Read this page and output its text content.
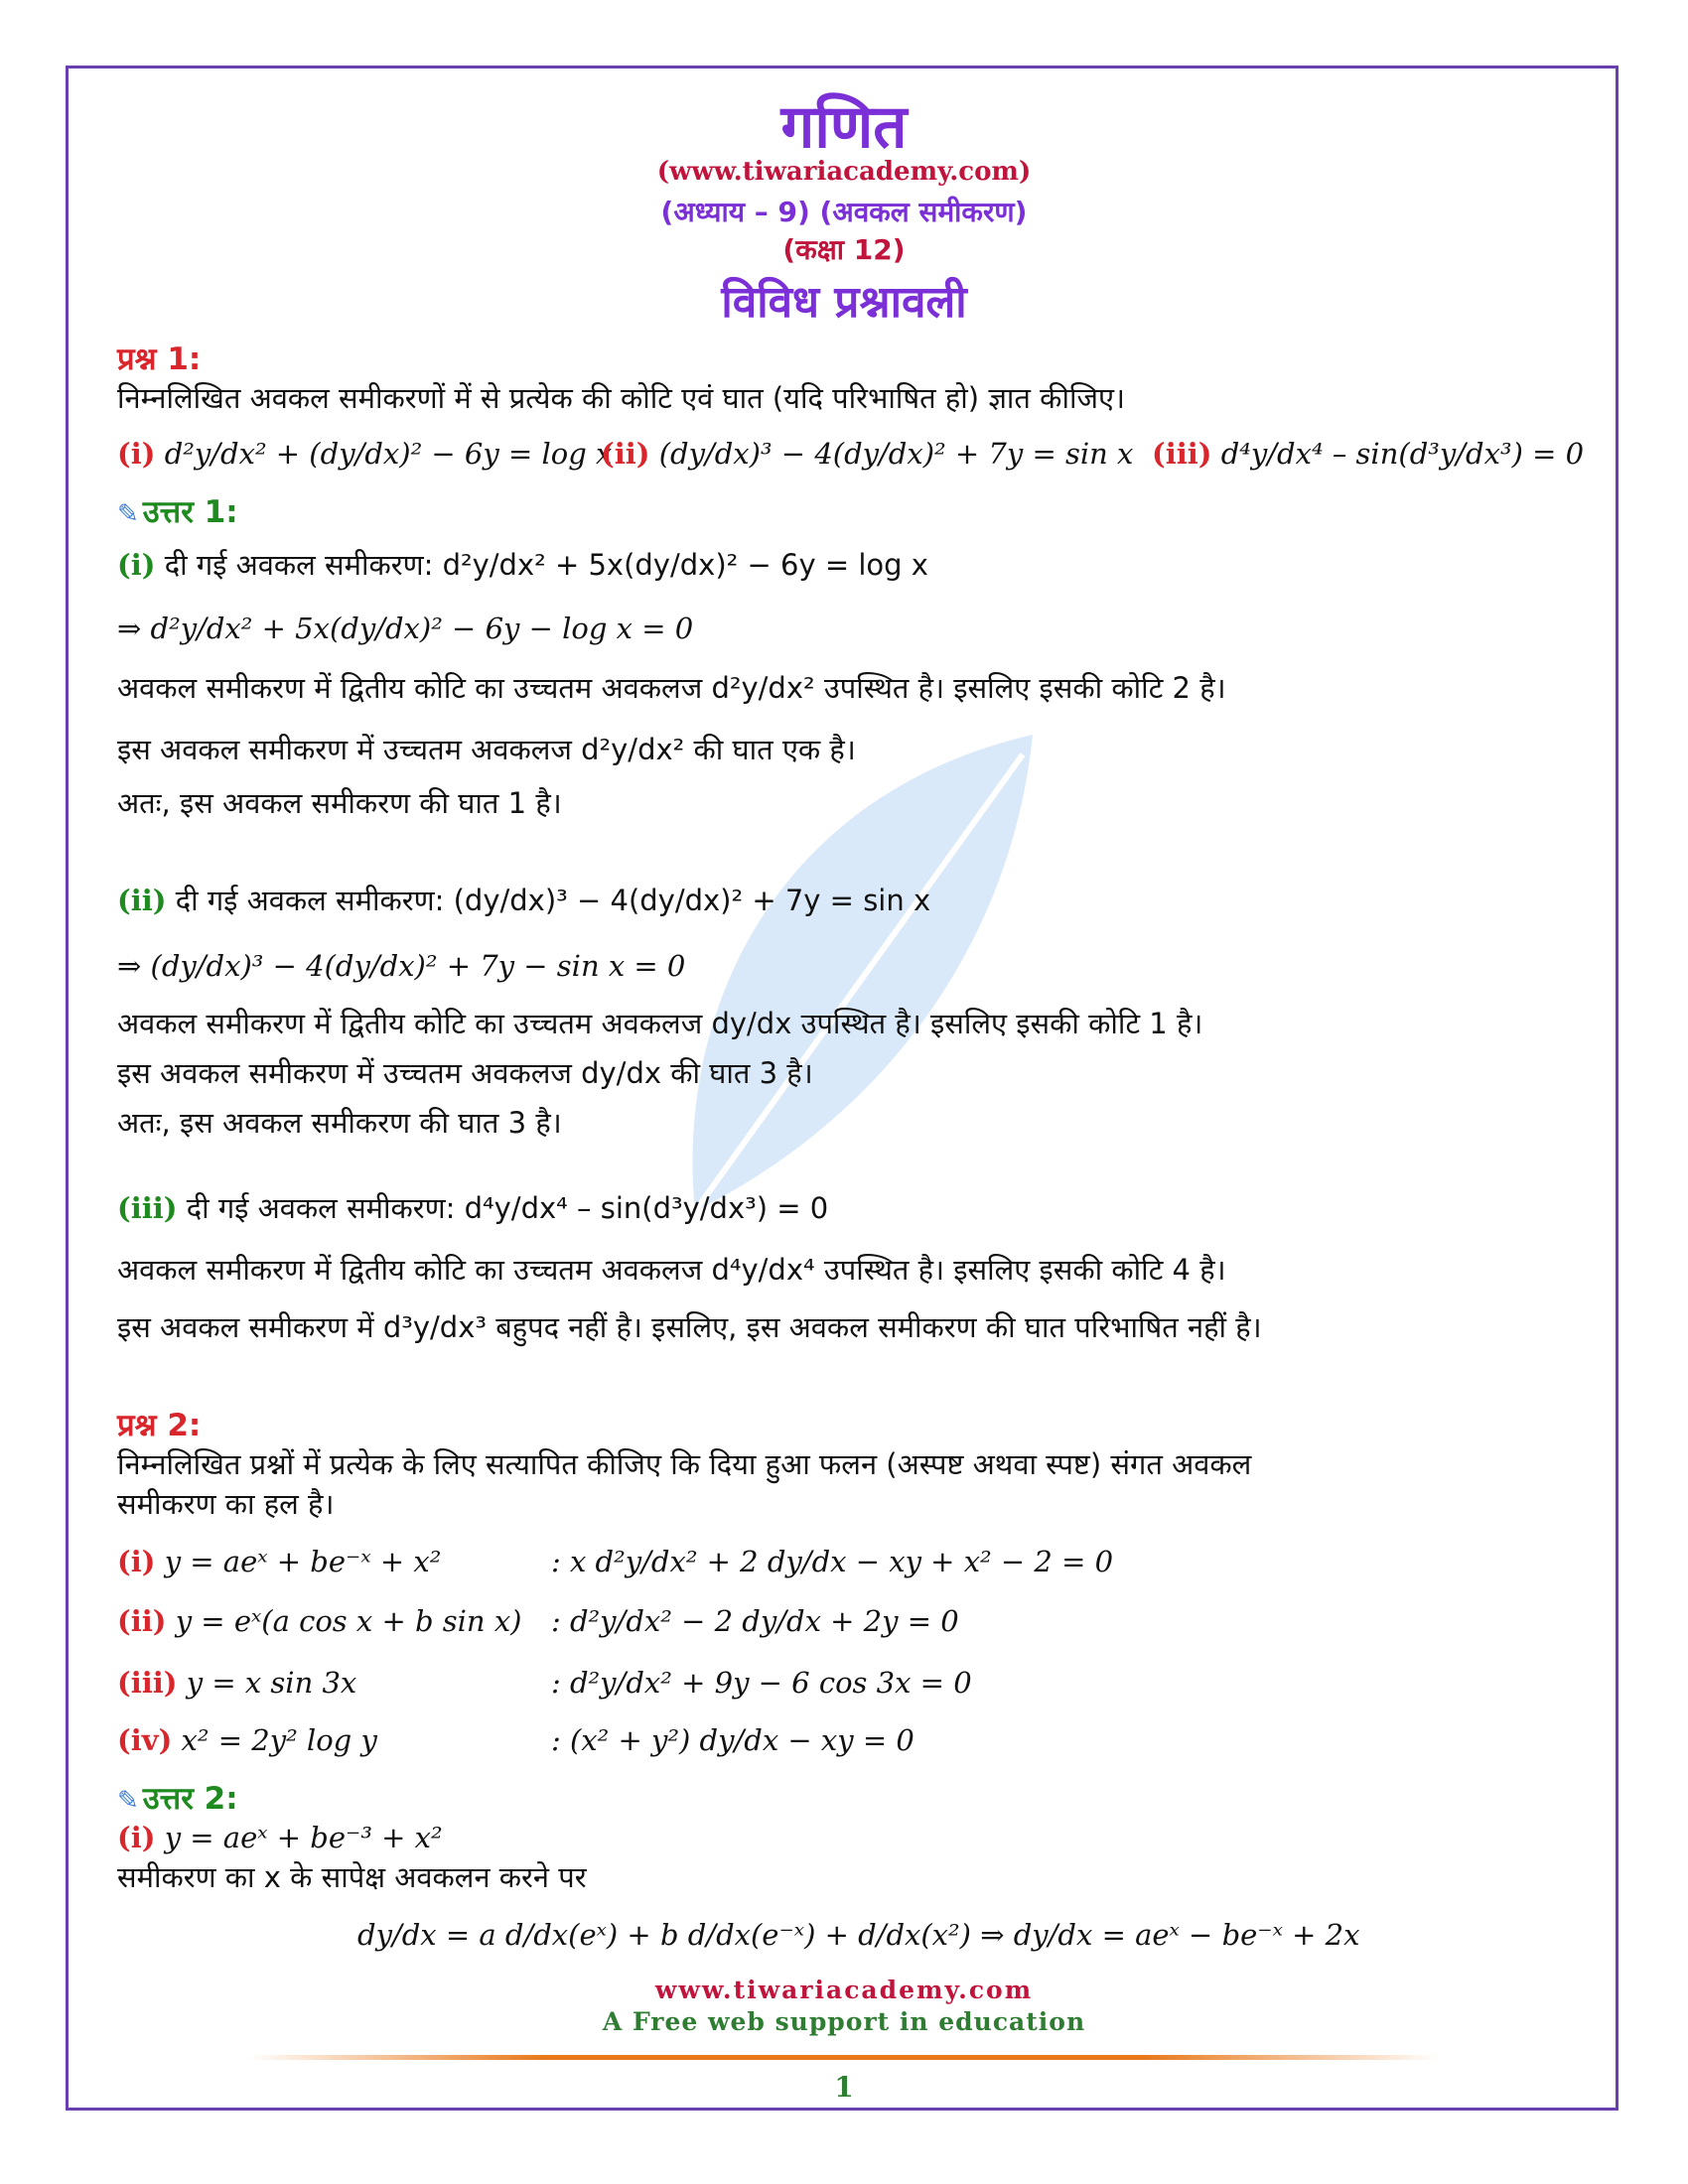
गणित
(www.tiwariacademy.com)
(अध्याय – 9) (अवकल समीकरण)
(कक्षा 12)
विविध प्रश्नावली
प्रश्न 1:
निम्नलिखित अवकल समीकरणों में से प्रत्येक की कोटि एवं घात (यदि परिभाषित हो) ज्ञात कीजिए।
(i) d²y/dx² + (dy/dx)² − 6y = log x
(ii) (dy/dx)³ − 4(dy/dx)² + 7y = sin x (iii) d⁴y/dx⁴ – sin(d³y/dx³) = 0
✎ उत्तर 1:
(i) दी गई अवकल समीकरण: d²y/dx² + 5x(dy/dx)² − 6y = log x
⇒ d²y/dx² + 5x(dy/dx)² − 6y − log x = 0
अवकल समीकरण में द्वितीय कोटि का उच्चतम अवकलज d²y/dx² उपस्थित है। इसलिए इसकी कोटि 2 है।
इस अवकल समीकरण में उच्चतम अवकलज d²y/dx² की घात एक है।
अतः, इस अवकल समीकरण की घात 1 है।
(ii) दी गई अवकल समीकरण: (dy/dx)³ − 4(dy/dx)² + 7y = sin x
⇒ (dy/dx)³ − 4(dy/dx)² + 7y − sin x = 0
अवकल समीकरण में द्वितीय कोटि का उच्चतम अवकलज dy/dx उपस्थित है। इसलिए इसकी कोटि 1 है।
इस अवकल समीकरण में उच्चतम अवकलज dy/dx की घात 3 है।
अतः, इस अवकल समीकरण की घात 3 है।
(iii) दी गई अवकल समीकरण: d⁴y/dx⁴ – sin(d³y/dx³) = 0
अवकल समीकरण में द्वितीय कोटि का उच्चतम अवकलज d⁴y/dx⁴ उपस्थित है। इसलिए इसकी कोटि 4 है।
इस अवकल समीकरण में d³y/dx³ बहुपद नहीं है। इसलिए, इस अवकल समीकरण की घात परिभाषित नहीं है।
प्रश्न 2:
निम्नलिखित प्रश्नों में प्रत्येक के लिए सत्यापित कीजिए कि दिया हुआ फलन (अस्पष्ट अथवा स्पष्ट) संगत अवकल
समीकरण का हल है।
(i) y = aeˣ + be⁻ˣ + x²	: x d²y/dx² + 2 dy/dx − xy + x² − 2 = 0
(ii) y = eˣ(a cos x + b sin x) : d²y/dx² − 2 dy/dx + 2y = 0
(iii) y = x sin 3x	: d²y/dx² + 9y − 6 cos 3x = 0
(iv) x² = 2y² log y	: (x² + y²) dy/dx − xy = 0
✎ उत्तर 2:
(i) y = aeˣ + be⁻³ + x²
समीकरण का x के सापेक्ष अवकलन करने पर
dy/dx = a d/dx(eˣ) + b d/dx(e⁻ˣ) + d/dx(x²) ⇒ dy/dx = aeˣ − be⁻ˣ + 2x
www.tiwariacademy.com
A Free web support in education
1
